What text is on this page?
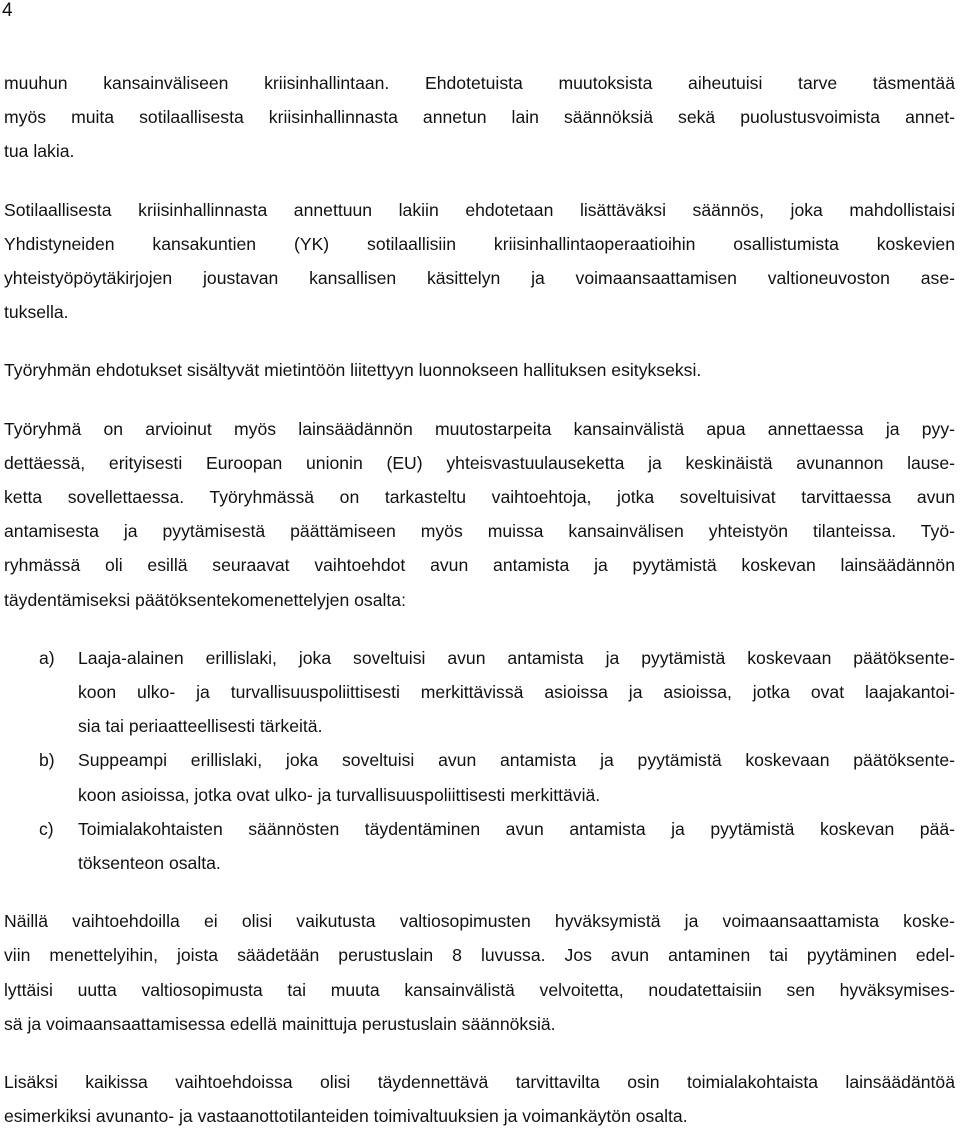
4

muuhun kansainväliseen kriisinhallintaan. Ehdotetuista muutoksista aiheutuisi tarve täsmentää
myös muita sotilaallisesta kriisinhallinnasta annetun lain säännöksiä sekä puolustusvoimista annet-
tua lakia.

Sotilaallisesta kriisinhallinnasta annettuun lakiin ehdotetaan lisättäväksi säännös, joka mahdollistaisi
Yhdistyneiden kansakuntien (YK) sotilaallisiin kriisinhallintaoperaatioihin osallistumista koskevien
yhteistyöpöytäkirjojen joustavan kansallisen käsittelyn ja voimaansaattamisen valtioneuvoston ase-
tuksella.

Työryhmän ehdotukset sisältyvät mietintöön liitettyyn luonnokseen hallituksen esitykseksi.

Työryhmä on arvioinut myös lainsäädännön muutostarpeita kansainvälistä apua annettaessa ja pyy-
dettäessä, erityisesti Euroopan unionin (EU) yhteisvastuulauseketta ja keskinäistä avunannon lause-
ketta sovellettaessa. Työryhmässä on tarkasteltu vaihtoehtoja, jotka soveltuisivat tarvittaessa avun
antamisesta ja pyytämisestä päättämiseen myös muissa kansainvälisen yhteistyön tilanteissa. Työ-
ryhmässä oli esillä seuraavat vaihtoehdot avun antamista ja pyytämistä koskevan lainsäädännön
täydentämiseksi päätöksentekomenettelyjen osalta:

a) Laaja-alainen erillislaki, joka soveltuisi avun antamista ja pyytämistä koskevaan päätöksente-
koon ulko- ja turvallisuuspoliittisesti merkittävissä asioissa ja asioissa, jotka ovat laajakantoi-
sia tai periaatteellisesti tärkeitä.
b) Suppeampi erillislaki, joka soveltuisi avun antamista ja pyytämistä koskevaan päätöksente-
koon asioissa, jotka ovat ulko- ja turvallisuuspoliittisesti merkittäviä.
c) Toimialakohtaisten säännösten täydentäminen avun antamista ja pyytämistä koskevan pää-
töksenteon osalta.

Näillä vaihtoehdoilla ei olisi vaikutusta valtiosopimusten hyväksymistä ja voimaansaattamista koske-
viin menettelyihin, joista säädetään perustuslain 8 luvussa. Jos avun antaminen tai pyytäminen edel-
lyttäisi uutta valtiosopimusta tai muuta kansainvälistä velvoitetta, noudatettaisiin sen hyväksymises-
sä ja voimaansaattamisessa edellä mainittuja perustuslain säännöksiä.

Lisäksi kaikissa vaihtoehdoissa olisi täydennettävä tarvittavilta osin toimialakohtaista lainsäädäntöä
esimerkiksi avunanto- ja vastaanottotilanteiden toimivaltuuksien ja voimankäytön osalta.
